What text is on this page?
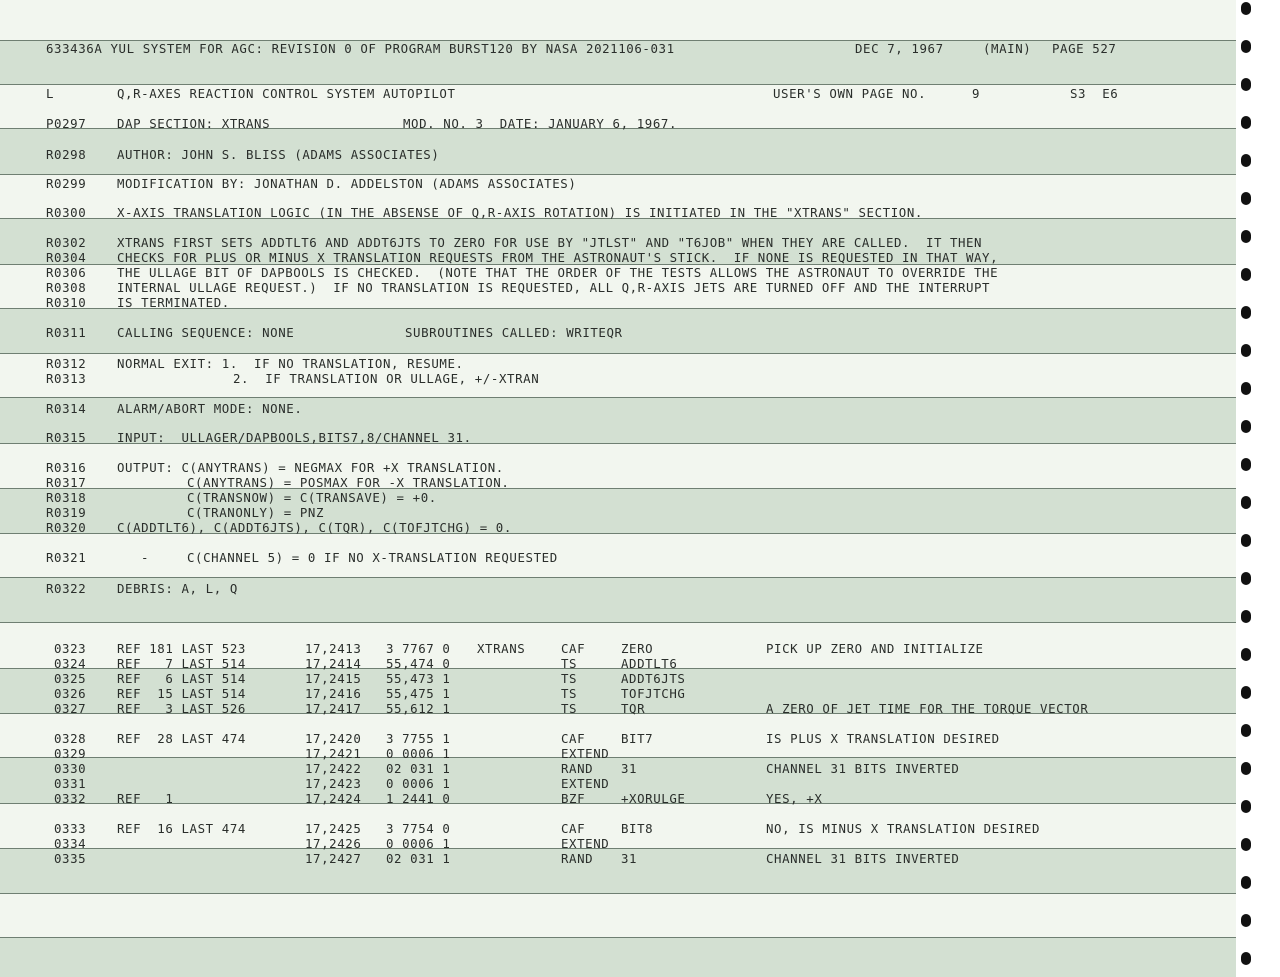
633436A YUL SYSTEM FOR AGC: REVISION 0 OF PROGRAM BURST120 BY NASA 2021106-031	DEC 7, 1967	(MAIN) PAGE 527
L	Q,R-AXES REACTION CONTROL SYSTEM AUTOPILOT	USER'S OWN PAGE NO.	9	S3  E6
P0297 DAP SECTION: XTRANS	MOD. NO. 3  DATE: JANUARY 6, 1967.
R0298 AUTHOR: JOHN S. BLISS (ADAMS ASSOCIATES)
R0299 MODIFICATION BY: JONATHAN D. ADDELSTON (ADAMS ASSOCIATES)
R0300 X-AXIS TRANSLATION LOGIC (IN THE ABSENSE OF Q,R-AXIS ROTATION) IS INITIATED IN THE "XTRANS" SECTION.
R0302 XTRANS FIRST SETS ADDTLT6 AND ADDT6JTS TO ZERO FOR USE BY "JTLST" AND "T6JOB" WHEN THEY ARE CALLED.  IT THEN
R0304 CHECKS FOR PLUS OR MINUS X TRANSLATION REQUESTS FROM THE ASTRONAUT'S STICK.  IF NONE IS REQUESTED IN THAT WAY,
R0306 THE ULLAGE BIT OF DAPBOOLS IS CHECKED.  (NOTE THAT THE ORDER OF THE TESTS ALLOWS THE ASTRONAUT TO OVERRIDE THE
R0308 INTERNAL ULLAGE REQUEST.)  IF NO TRANSLATION IS REQUESTED, ALL Q,R-AXIS JETS ARE TURNED OFF AND THE INTERRUPT
R0310 IS TERMINATED.
R0311 CALLING SEQUENCE: NONE	SUBROUTINES CALLED: WRITEQR
R0312 NORMAL EXIT: 1.  IF NO TRANSLATION, RESUME.
R0313	2.  IF TRANSLATION OR ULLAGE, +/-XTRAN
R0314 ALARM/ABORT MODE: NONE.
R0315 INPUT:  ULLAGER/DAPBOOLS,BITS7,8/CHANNEL 31.
R0316 OUTPUT: C(ANYTRANS) = NEGMAX FOR +X TRANSLATION.
R0317	C(ANYTRANS) = POSMAX FOR -X TRANSLATION.
R0318	C(TRANSNOW) = C(TRANSAVE) = +0.
R0319	C(TRANONLY) = PNZ
R0320 C(ADDTLT6), C(ADDT6JTS), C(TQR), C(TOFJTCHG) = 0.
R0321	-	C(CHANNEL 5) = 0 IF NO X-TRANSLATION REQUESTED
R0322 DEBRIS: A, L, Q
0323 REF 181 LAST 523	17,2413 3 7767 0 XTRANS	CAF	ZERO	PICK UP ZERO AND INITIALIZE
0324 REF   7 LAST 514	17,2414 55,474 0	TS	ADDTLT6
0325 REF   6 LAST 514	17,2415 55,473 1	TS	ADDT6JTS
0326 REF  15 LAST 514	17,2416 55,475 1	TS	TOFJTCHG
0327 REF   3 LAST 526	17,2417 55,612 1	TS	TQR	A ZERO OF JET TIME FOR THE TORQUE VECTOR
0328 REF  28 LAST 474	17,2420 3 7755 1	CAF	BIT7	IS PLUS X TRANSLATION DESIRED
0329	17,2421 0 0006 1	EXTEND
0330	17,2422 02 031 1	RAND 31	CHANNEL 31 BITS INVERTED
0331	17,2423 0 0006 1	EXTEND
0332 REF   1	17,2424 1 2441 0	BZF	+XORULGE	YES, +X
0333 REF  16 LAST 474	17,2425 3 7754 0	CAF	BIT8	NO, IS MINUS X TRANSLATION DESIRED
0334	17,2426 0 0006 1	EXTEND
0335	17,2427 02 031 1	RAND 31	CHANNEL 31 BITS INVERTED
